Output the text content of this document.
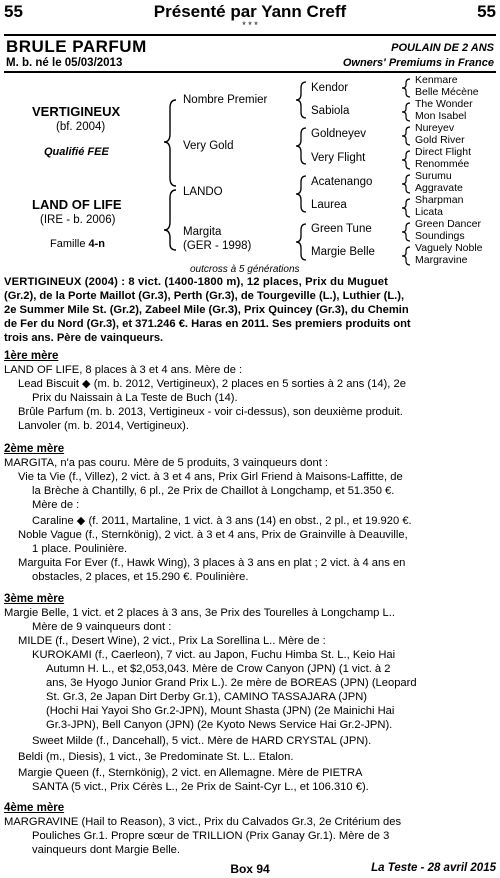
55	Présenté par Yann Creff	55
* * *
BRULE PARFUM	POULAIN DE 2 ANS
M. b. né le 05/03/2013	Owners' Premiums in France
VERTIGINEUX
(bf. 2004)
Qualifié FEE
LAND OF LIFE
(IRE - b. 2006)
Famille 4-n
Nombre Premier
Very Gold
LANDO
Margita
(GER - 1998)
Kendor
Sabiola
Goldneyev
Very Flight
Acatenango
Laurea
Green Tune
Margie Belle
Kenmare
Belle Mécène
The Wonder
Mon Isabel
Nureyev
Gold River
Direct Flight
Renommée
Surumu
Aggravate
Sharpman
Licata
Green Dancer
Soundings
Vaguely Noble
Margravine
outcross à 5 générations
VERTIGINEUX (2004) : 8 vict. (1400-1800 m), 12 places, Prix du Muguet
(Gr.2), de la Porte Maillot (Gr.3), Perth (Gr.3), de Tourgeville (L.), Luthier (L.),
2e Summer Mile St. (Gr.2), Zabeel Mile (Gr.3), Prix Quincey (Gr.3), du Chemin
de Fer du Nord (Gr.3), et 371.246 €. Haras en 2011. Ses premiers produits ont
trois ans. Père de vainqueurs.
1ère mère
LAND OF LIFE, 8 places à 3 et 4 ans. Mère de :
Lead Biscuit ◆ (m. b. 2012, Vertigineux), 2 places en 5 sorties à 2 ans (14), 2e
Prix du Naissain à La Teste de Buch (14).
Brûle Parfum (m. b. 2013, Vertigineux - voir ci-dessus), son deuxième produit.
Lanvoler (m. b. 2014, Vertigineux).
2ème mère
MARGITA, n'a pas couru. Mère de 5 produits, 3 vainqueurs dont :
Vie ta Vie (f., Villez), 2 vict. à 3 et 4 ans, Prix Girl Friend à Maisons-Laffitte, de
la Brèche à Chantilly, 6 pl., 2e Prix de Chaillot à Longchamp, et 51.350 €.
Mère de :
Caraline ◆ (f. 2011, Martaline, 1 vict. à 3 ans (14) en obst., 2 pl., et 19.920 €.
Noble Vague (f., Sternkönig), 2 vict. à 3 et 4 ans, Prix de Grainville à Deauville,
1 place. Poulinière.
Marguita For Ever (f., Hawk Wing), 3 places à 3 ans en plat ; 2 vict. à 4 ans en
obstacles, 2 places, et 15.290 €. Poulinière.
3ème mère
Margie Belle, 1 vict. et 2 places à 3 ans, 3e Prix des Tourelles à Longchamp L..
Mère de 9 vainqueurs dont :
MILDE (f., Desert Wine), 2 vict., Prix La Sorellina L.. Mère de :
KUROKAMI (f., Caerleon), 7 vict. au Japon, Fuchu Himba St. L., Keio Hai
Autumn H. L., et $2,053,043. Mère de Crow Canyon (JPN) (1 vict. à 2
ans, 3e Hyogo Junior Grand Prix L.). 2e mère de BOREAS (JPN) (Leopard
St. Gr.3, 2e Japan Dirt Derby Gr.1), CAMINO TASSAJARA (JPN)
(Hochi Hai Yayoi Sho Gr.2-JPN), Mount Shasta (JPN) (2e Mainichi Hai
Gr.3-JPN), Bell Canyon (JPN) (2e Kyoto News Service Hai Gr.2-JPN).
Sweet Milde (f., Dancehall), 5 vict.. Mère de HARD CRYSTAL (JPN).
Beldi (m., Diesis), 1 vict., 3e Predominate St. L.. Etalon.
Margie Queen (f., Sternkönig), 2 vict. en Allemagne. Mère de PIETRA
SANTA (5 vict., Prix Cérès L., 2e Prix de Saint-Cyr L., et 106.310 €).
4ème mère
MARGRAVINE (Hail to Reason), 3 vict., Prix du Calvados Gr.3, 2e Critérium des
Pouliches Gr.1. Propre sœur de TRILLION (Prix Ganay Gr.1). Mère de 3
vainqueurs dont Margie Belle.
Box 94	La Teste - 28 avril 2015
